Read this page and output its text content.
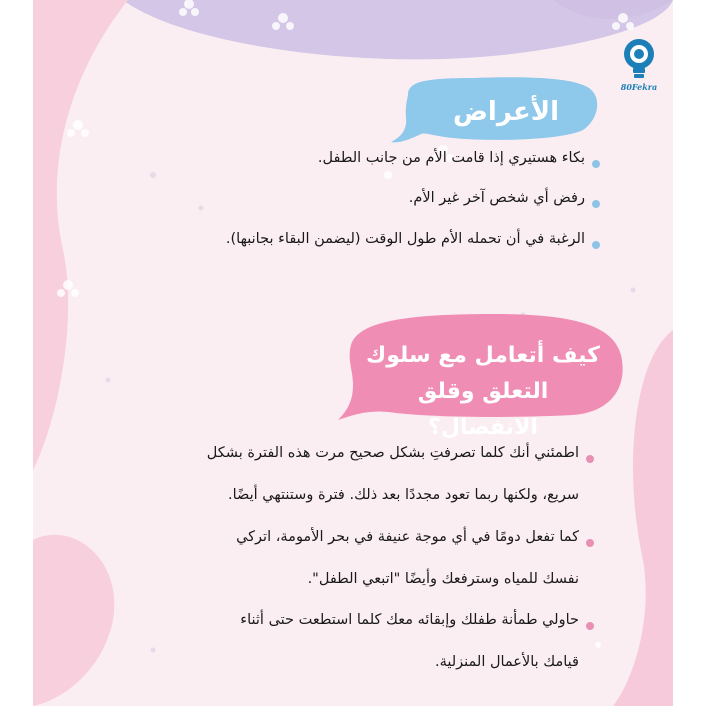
80Fekra
الأعراض
بكاء هستيري إذا قامت الأم من جانب الطفل.
رفض أي شخص آخر غير الأم.
الرغبة في أن تحمله الأم طول الوقت (ليضمن البقاء بجانبها).
كيف أتعامل مع سلوك
التعلق وقلق الانفصال؟
اطمئني أنك كلما تصرفتِ بشكل صحيح مرت هذه الفترة بشكل
سريع، ولكنها ربما تعود مجددًا بعد ذلك. فترة وستنتهي أيضًا.
كما تفعل دومًا في أي موجة عنيفة في بحر الأمومة، اتركي
نفسك للمياه وسترفعك وأيضًا "اتبعي الطفل".
حاولي طمأنة طفلك وإبقائه معك كلما استطعت حتى أثناء
قيامك بالأعمال المنزلية.
